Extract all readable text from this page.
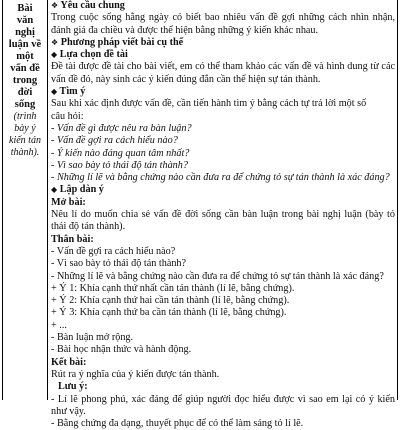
Bài
văn
nghị
luận về
một
vấn đề
trong
đời
sống
(trình
bày ý
kiến tán
thành).
❖ Yêu cầu chung
Trong cuộc sống hằng ngày có biết bao nhiêu vấn đề gợi những cách nhìn nhận, đánh giá đa chiều và được thể hiện bằng những ý kiến khác nhau.
❖ Phương pháp viết bài cụ thể
◆ Lựa chọn đề tài
Đề tài được đề tài cho bài viết, em có thể tham khảo các vấn đề và hình dung từ các vấn đề đó, này sinh các ý kiến đúng đắn cần thể hiện sự tán thành.
◆ Tìm ý
Sau khi xác định được vấn đề, cần tiến hành tìm ý bằng cách tự trả lời một số
câu hỏi:
- Vấn đề gì được nêu ra bàn luận?
- Vấn đề gợi ra cách hiểu nào?
- Ý kiến nào đáng quan tâm nhất?
- Vì sao bày tỏ thái độ tán thành?
- Những lí lẽ và bằng chứng nào cần đưa ra để chứng tỏ sự tán thành là xác đáng?
◆ Lập dàn ý
Mở bài:
Nêu lí do muốn chia sẻ vấn đề đời sống cần bàn luận trong bài nghị luận (bày tỏ thái độ tán thành).
Thân bài:
- Vấn đề gợi ra cách hiểu nào?
- Vì sao bày tỏ thái độ tán thành?
- Những lí lẽ và bằng chứng nào cần đưa ra để chứng tỏ sự tán thành là xác đáng?
+ Ý 1: Khía cạnh thứ nhất cần tán thành (lí lẽ, bằng chứng).
+ Ý 2: Khía cạnh thứ hai cần tán thành (lí lẽ, bằng chứng).
+ Ý 3: Khía cạnh thứ ba cần tán thành (lí lẽ, bằng chứng).
+ ...
- Bàn luận mở rộng.
- Bài học nhận thức và hành động.
Kết bài:
Rút ra ý nghĩa của ý kiến được tán thành.
Lưu ý:
- Lí lẽ phong phú, xác đáng để giúp người đọc hiểu được vì sao em lại có ý kiến như vậy.
- Bằng chứng đa dạng, thuyết phục để có thể làm sáng tỏ lí lẽ.
